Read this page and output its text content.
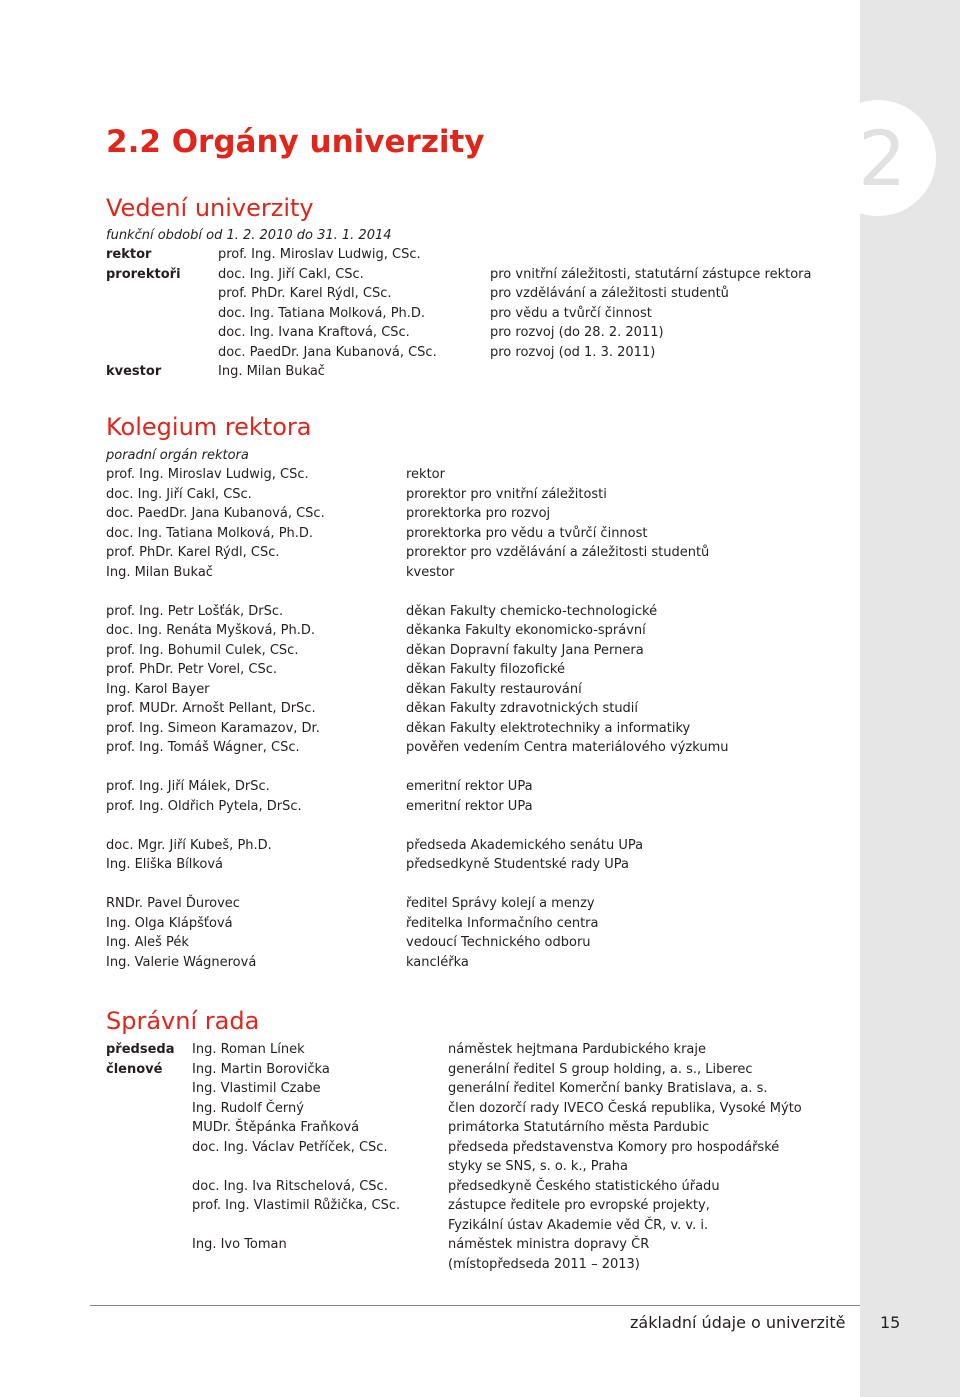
2
2.2 Orgány univerzity
Vedení univerzity
funkční období od 1. 2. 2010 do 31. 1. 2014
rektor	prof. Ing. Miroslav Ludwig, CSc.
prorektoři	doc. Ing. Jiří Cakl, CSc.	pro vnitřní záležitosti, statutární zástupce rektora
prof. PhDr. Karel Rýdl, CSc.	pro vzdělávání a záležitosti studentů
doc. Ing. Tatiana Molková, Ph.D.	pro vědu a tvůrčí činnost
doc. Ing. Ivana Kraftová, CSc.	pro rozvoj (do 28. 2. 2011)
doc. PaedDr. Jana Kubanová, CSc.	pro rozvoj (od 1. 3. 2011)
kvestor	Ing. Milan Bukač
Kolegium rektora
poradní orgán rektora
prof. Ing. Miroslav Ludwig, CSc.	rektor
doc. Ing. Jiří Cakl, CSc.	prorektor pro vnitřní záležitosti
doc. PaedDr. Jana Kubanová, CSc.	prorektorka pro rozvoj
doc. Ing. Tatiana Molková, Ph.D.	prorektorka pro vědu a tvůrčí činnost
prof. PhDr. Karel Rýdl, CSc.	prorektor pro vzdělávání a záležitosti studentů
Ing. Milan Bukač	kvestor
prof. Ing. Petr Lošťák, DrSc.	děkan Fakulty chemicko-technologické
doc. Ing. Renáta Myšková, Ph.D.	děkanka Fakulty ekonomicko-správní
prof. Ing. Bohumil Culek, CSc.	děkan Dopravní fakulty Jana Pernera
prof. PhDr. Petr Vorel, CSc.	děkan Fakulty filozofické
Ing. Karol Bayer	děkan Fakulty restaurování
prof. MUDr. Arnošt Pellant, DrSc.	děkan Fakulty zdravotnických studií
prof. Ing. Simeon Karamazov, Dr.	děkan Fakulty elektrotechniky a informatiky
prof. Ing. Tomáš Wágner, CSc.	pověřen vedením Centra materiálového výzkumu
prof. Ing. Jiří Málek, DrSc.	emeritní rektor UPa
prof. Ing. Oldřich Pytela, DrSc.	emeritní rektor UPa
doc. Mgr. Jiří Kubeš, Ph.D.	předseda Akademického senátu UPa
Ing. Eliška Bílková	předsedkyně Studentské rady UPa
RNDr. Pavel Ďurovec	ředitel Správy kolejí a menzy
Ing. Olga Klápšťová	ředitelka Informačního centra
Ing. Aleš Pék	vedoucí Technického odboru
Ing. Valerie Wágnerová	kancléřka
Správní rada
předseda Ing. Roman Línek	náměstek hejtmana Pardubického kraje
členové Ing. Martin Borovička	generální ředitel S group holding, a. s., Liberec
Ing. Vlastimil Czabe	generální ředitel Komerční banky Bratislava, a. s.
Ing. Rudolf Černý	člen dozorčí rady IVECO Česká republika, Vysoké Mýto
MUDr. Štěpánka Fraňková	primátorka Statutárního města Pardubic
doc. Ing. Václav Petříček, CSc.	předseda představenstva Komory pro hospodářské
styky se SNS, s. o. k., Praha
doc. Ing. Iva Ritschelová, CSc.	předsedkyně Českého statistického úřadu
prof. Ing. Vlastimil Růžička, CSc.	zástupce ředitele pro evropské projekty,
Fyzikální ústav Akademie věd ČR, v. v. i.
Ing. Ivo Toman	náměstek ministra dopravy ČR
(místopředseda 2011 – 2013)
základní údaje o univerzitě 15
